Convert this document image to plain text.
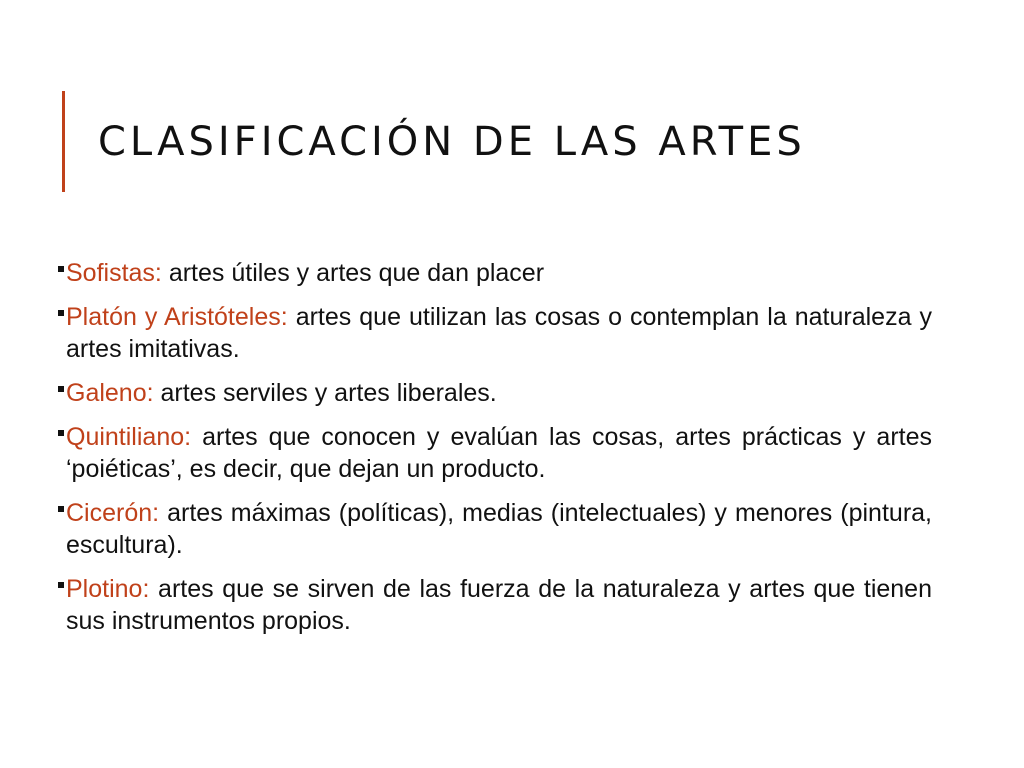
CLASIFICACIÓN DE LAS ARTES
Sofistas: artes útiles y artes que dan placer
Platón y Aristóteles: artes que utilizan las cosas o contemplan la naturaleza y artes imitativas.
Galeno: artes serviles y artes liberales.
Quintiliano: artes que conocen y evalúan las cosas, artes prácticas y artes ‘poiéticas’, es decir, que dejan un producto.
Cicerón: artes máximas (políticas), medias (intelectuales) y menores (pintura, escultura).
Plotino: artes que se sirven de las fuerza de la naturaleza y artes que tienen sus instrumentos propios.
